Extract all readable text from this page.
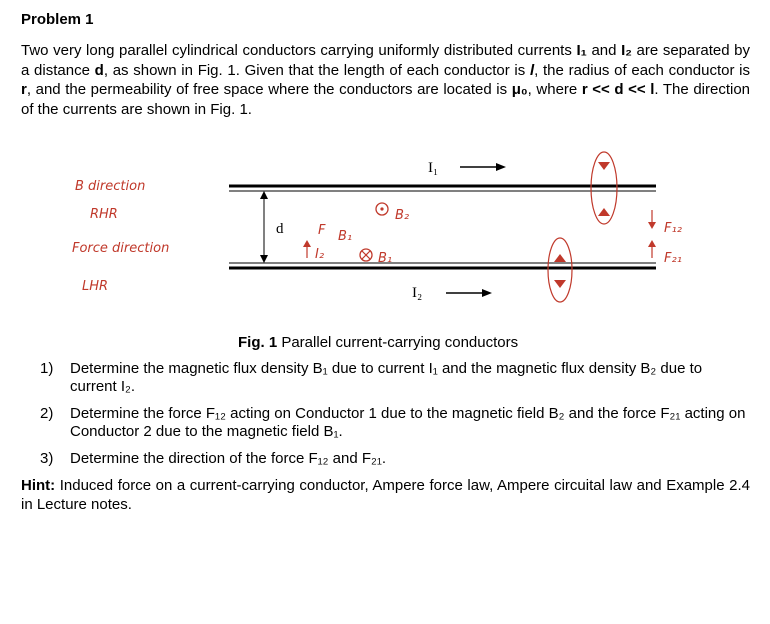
Problem 1
Two very long parallel cylindrical conductors carrying uniformly distributed currents I₁ and I₂ are separated by a distance d, as shown in Fig. 1. Given that the length of each conductor is l, the radius of each conductor is r, and the permeability of free space where the conductors are located is μ₀, where r << d << l. The direction of the currents are shown in Fig. 1.
d
I₁
I₂
B direction
RHR
Force direction
LHR
B₂
F B₁
I₂	B₁
F₁₂
F₂₁
Fig. 1 Parallel current-carrying conductors
1)	Determine the magnetic flux density B₁ due to current I₁ and the magnetic flux density B₂ due to current I₂.
2)	Determine the force F₁₂ acting on Conductor 1 due to the magnetic field B₂ and the force F₂₁ acting on Conductor 2 due to the magnetic field B₁.
3)	Determine the direction of the force F₁₂ and F₂₁.
Hint: Induced force on a current-carrying conductor, Ampere force law, Ampere circuital law and Example 2.4 in Lecture notes.
